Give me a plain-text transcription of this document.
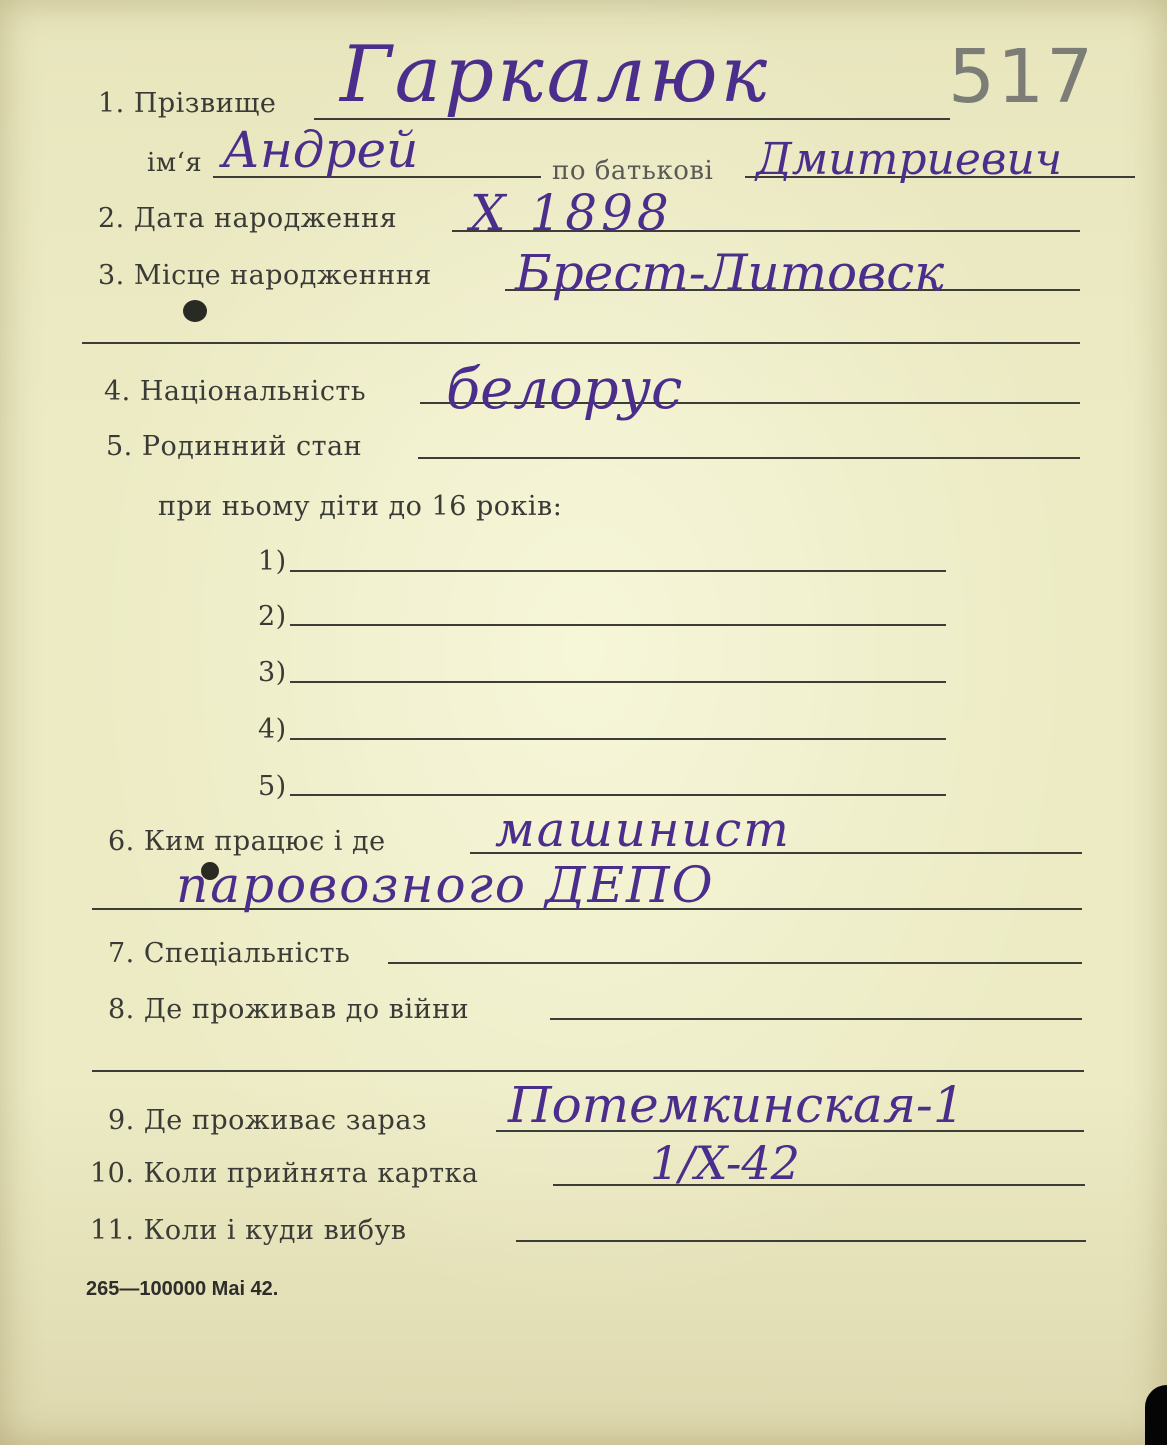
517
1. Прізвище Гаркалюк
ім‘я Андрей	по батькові Дмитриевич
2. Дата народження X 1898
3. Місце народженння Брест-Литовск
4. Національність белорус
5. Родинний стан
при ньому діти до 16 років:
1)
2)
3)
4)
5)
6. Ким працює і де машинист
паровозного ДЕПО
7. Спеціальність
8. Де проживав до війни
9. Де проживає зараз Потемкинская-1
10. Коли прийнята картка	1/X-42
11. Коли і куди вибув
265—100000 Mai 42.
